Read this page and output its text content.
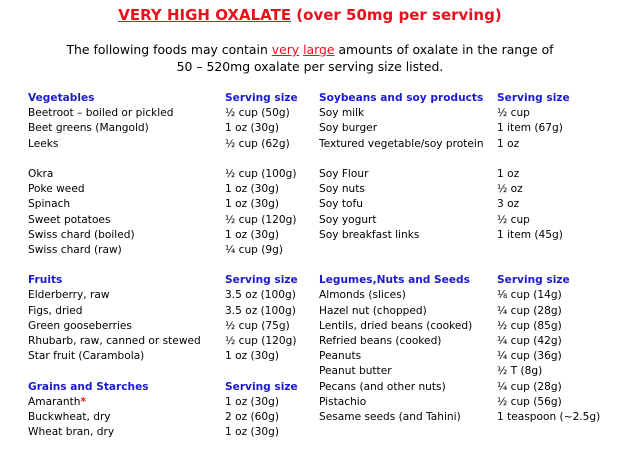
VERY HIGH OXALATE (over 50mg per serving)
The following foods may contain very large amounts of oxalate in the range of
50 – 520mg oxalate per serving size listed.
Vegetables
Beetroot – boiled or pickled
Beet greens (Mangold)
Leeks
Okra
Poke weed
Spinach
Sweet potatoes
Swiss chard (boiled)
Swiss chard (raw)
Fruits
Elderberry, raw
Figs, dried
Green gooseberries
Rhubarb, raw, canned or stewed
Star fruit (Carambola)
Grains and Starches
Amaranth*
Buckwheat, dry
Wheat bran, dry
Serving size
½ cup (50g)
1 oz (30g)
½ cup (62g)
½ cup (100g)
1 oz (30g)
1 oz (30g)
½ cup (120g)
1 oz (30g)
¼ cup (9g)
Serving size
3.5 oz (100g)
3.5 oz (100g)
½ cup (75g)
½ cup (120g)
1 oz (30g)
Serving size
1 oz (30g)
2 oz (60g)
1 oz (30g)
Soybeans and soy products
Soy milk
Soy burger
Textured vegetable/soy protein
Soy Flour
Soy nuts
Soy tofu
Soy yogurt
Soy breakfast links
Legumes,Nuts and Seeds
Almonds (slices)
Hazel nut (chopped)
Lentils, dried beans (cooked)
Refried beans (cooked)
Peanuts
Peanut butter
Pecans (and other nuts)
Pistachio
Sesame seeds (and Tahini)
Serving size
½ cup
1 item (67g)
1 oz
1 oz
½ oz
3 oz
½ cup
1 item (45g)
Serving size
⅛ cup (14g)
¼ cup (28g)
½ cup (85g)
¼ cup (42g)
¼ cup (36g)
½ T (8g)
¼ cup (28g)
½ cup (56g)
1 teaspoon (~2.5g)
